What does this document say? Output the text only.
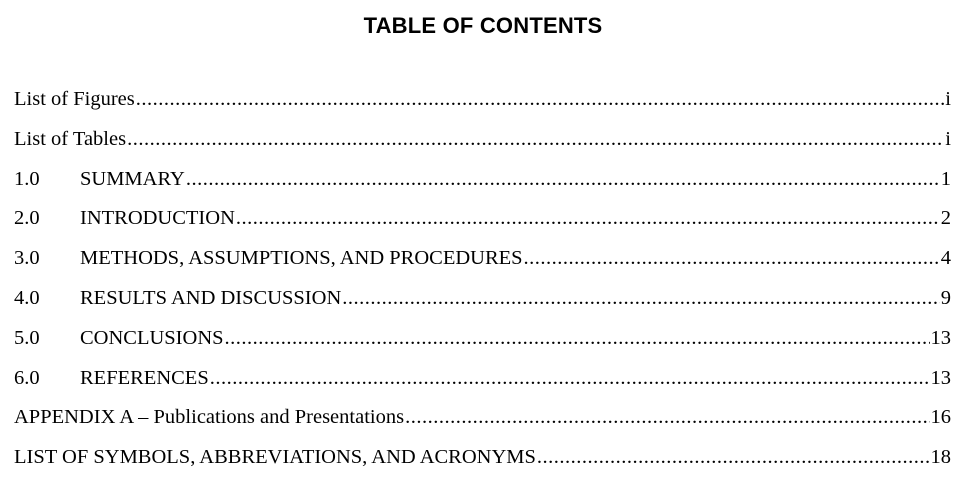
TABLE OF CONTENTS
List of Figures .....	i
List of Tables .....	i
1.0	SUMMARY .....	1
2.0	INTRODUCTION .....	2
3.0	METHODS, ASSUMPTIONS, AND PROCEDURES .....	4
4.0	RESULTS AND DISCUSSION .....	9
5.0	CONCLUSIONS .....	13
6.0	REFERENCES .....	13
APPENDIX A – Publications and Presentations .....	16
LIST OF SYMBOLS, ABBREVIATIONS, AND ACRONYMS .....	18
